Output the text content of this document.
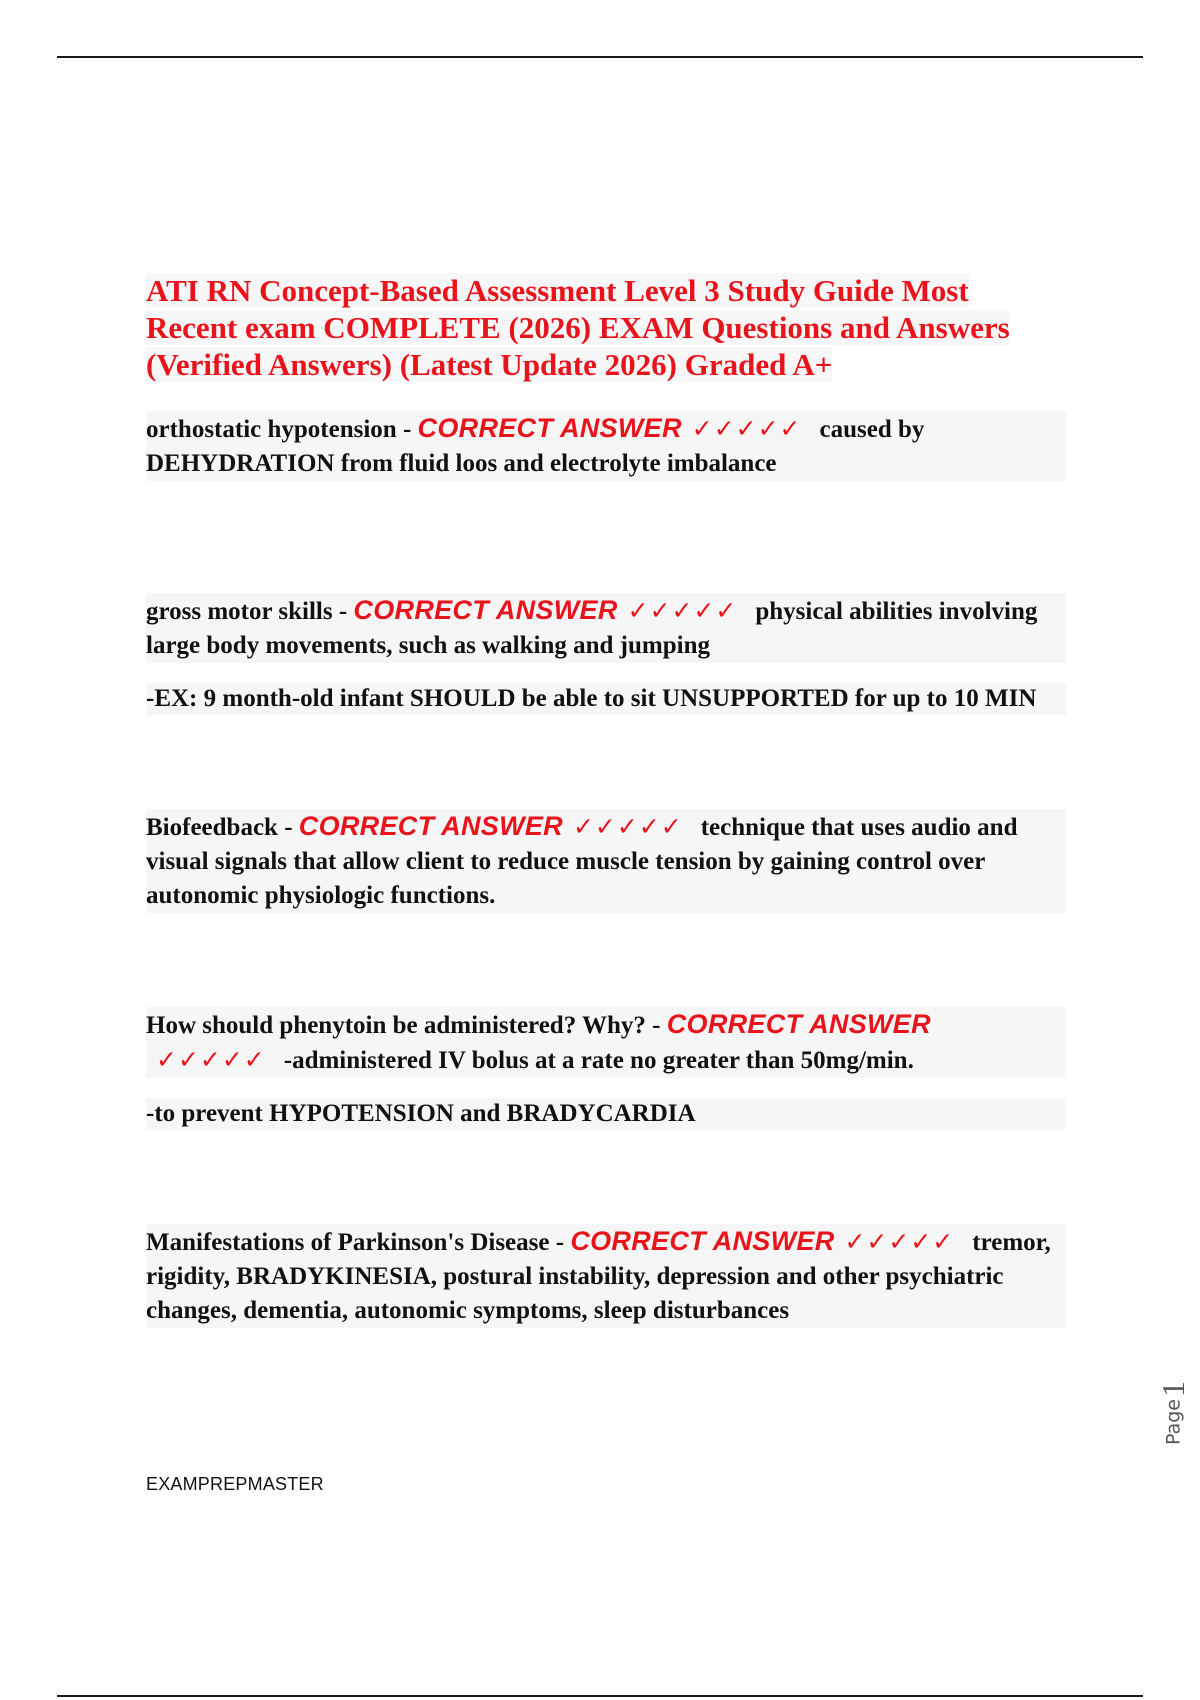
ATI RN Concept-Based Assessment Level 3 Study Guide Most Recent exam COMPLETE (2026) EXAM Questions and Answers (Verified Answers) (Latest Update 2026) Graded A+

orthostatic hypotension - CORRECT ANSWER ✓✓✓✓✓ caused by DEHYDRATION from fluid loos and electrolyte imbalance

gross motor skills - CORRECT ANSWER ✓✓✓✓✓ physical abilities involving large body movements, such as walking and jumping

-EX: 9 month-old infant SHOULD be able to sit UNSUPPORTED for up to 10 MIN

Biofeedback - CORRECT ANSWER ✓✓✓✓✓ technique that uses audio and visual signals that allow client to reduce muscle tension by gaining control over autonomic physiologic functions.

How should phenytoin be administered? Why? - CORRECT ANSWER ✓✓✓✓✓ -administered IV bolus at a rate no greater than 50mg/min.

-to prevent HYPOTENSION and BRADYCARDIA

Manifestations of Parkinson's Disease - CORRECT ANSWER ✓✓✓✓✓ tremor, rigidity, BRADYKINESIA, postural instability, depression and other psychiatric changes, dementia, autonomic symptoms, sleep disturbances

EXAMPREPMASTER
Page1
